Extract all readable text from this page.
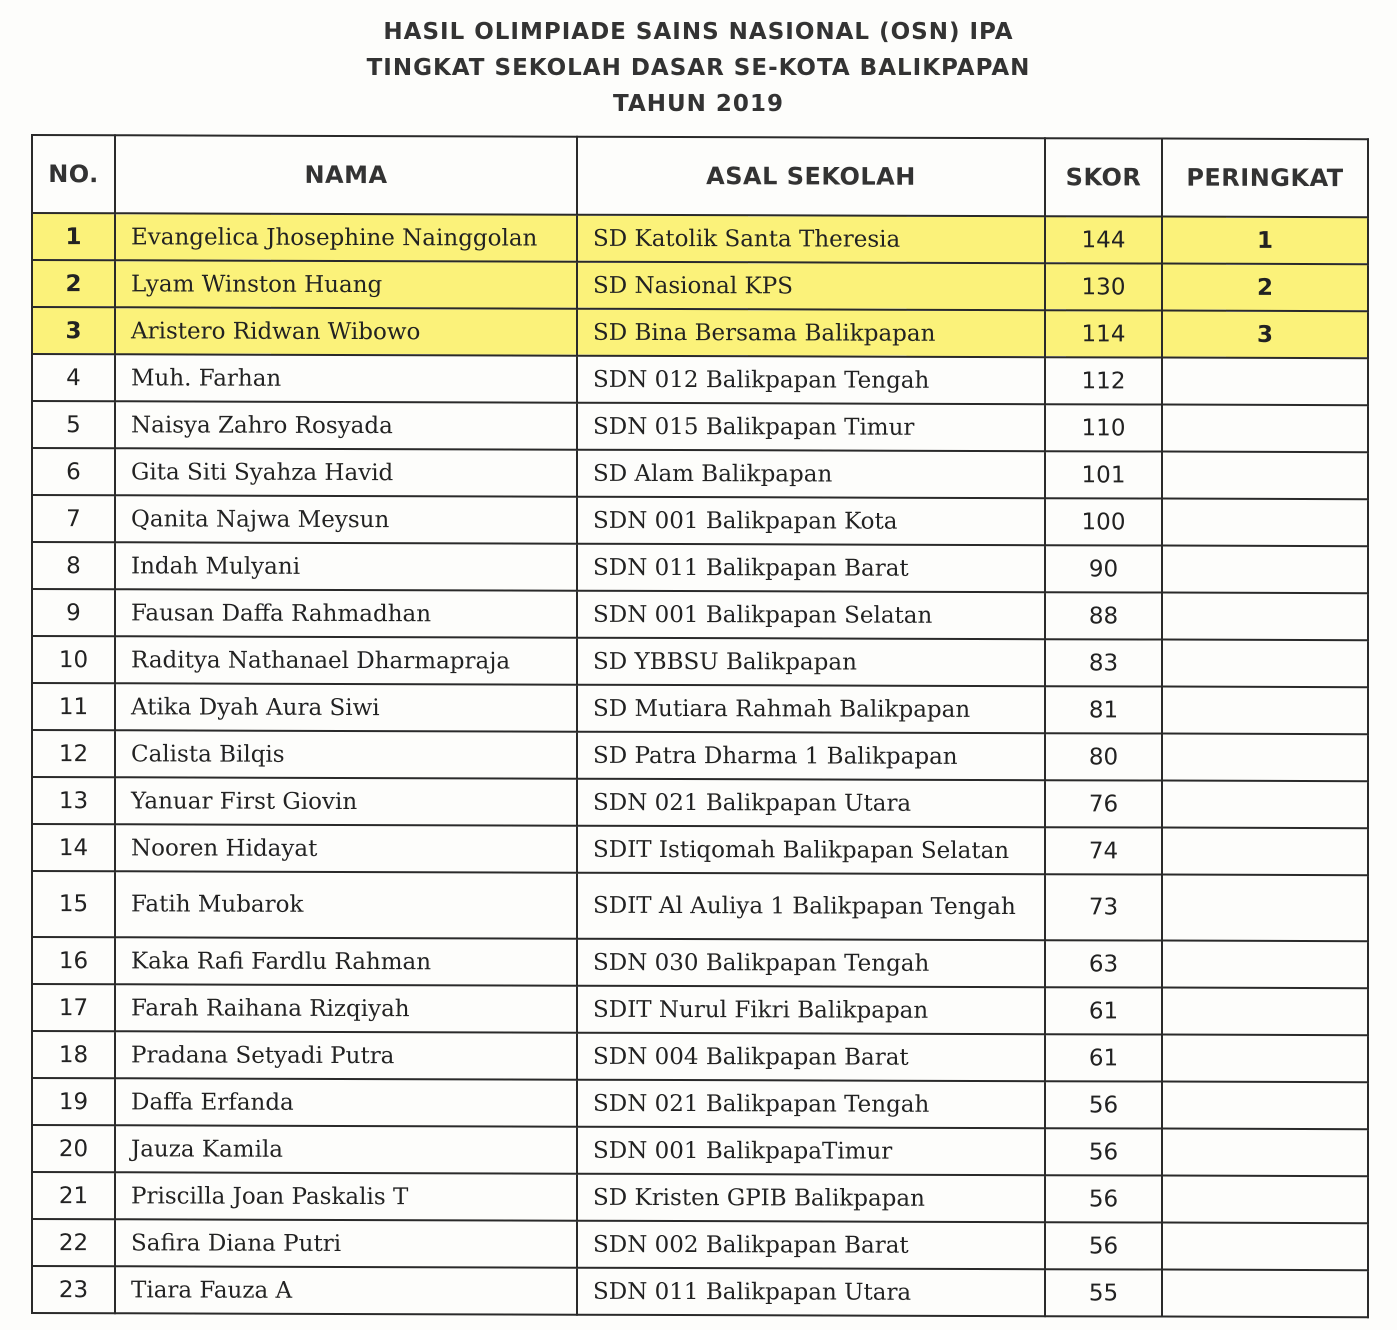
HASIL OLIMPIADE SAINS NASIONAL (OSN) IPA
TINGKAT SEKOLAH DASAR SE-KOTA BALIKPAPAN
TAHUN 2019
NO.	NAMA	ASAL SEKOLAH	SKOR	PERINGKAT
1	Evangelica Jhosephine Nainggolan	SD Katolik Santa Theresia	144	1
2	Lyam Winston Huang	SD Nasional KPS	130	2
3	Aristero Ridwan Wibowo	SD Bina Bersama Balikpapan	114	3
4	Muh. Farhan	SDN 012 Balikpapan Tengah	112	
5	Naisya Zahro Rosyada	SDN 015 Balikpapan Timur	110	
6	Gita Siti Syahza Havid	SD Alam Balikpapan	101	
7	Qanita Najwa Meysun	SDN 001 Balikpapan Kota	100	
8	Indah Mulyani	SDN 011 Balikpapan Barat	90	
9	Fausan Daffa Rahmadhan	SDN 001 Balikpapan Selatan	88	
10	Raditya Nathanael Dharmapraja	SD YBBSU Balikpapan	83	
11	Atika Dyah Aura Siwi	SD Mutiara Rahmah Balikpapan	81	
12	Calista Bilqis	SD Patra Dharma 1 Balikpapan	80	
13	Yanuar First Giovin	SDN 021 Balikpapan Utara	76	
14	Nooren Hidayat	SDIT Istiqomah Balikpapan Selatan	74	
15	Fatih Mubarok	SDIT Al Auliya 1 Balikpapan Tengah	73	
16	Kaka Rafi Fardlu Rahman	SDN 030 Balikpapan Tengah	63	
17	Farah Raihana Rizqiyah	SDIT Nurul Fikri Balikpapan	61	
18	Pradana Setyadi Putra	SDN 004 Balikpapan Barat	61	
19	Daffa Erfanda	SDN 021 Balikpapan Tengah	56	
20	Jauza Kamila	SDN 001 BalikpapaTimur	56	
21	Priscilla Joan Paskalis T	SD Kristen GPIB Balikpapan	56	
22	Safira Diana Putri	SDN 002 Balikpapan Barat	56	
23	Tiara Fauza A	SDN 011 Balikpapan Utara	55	
